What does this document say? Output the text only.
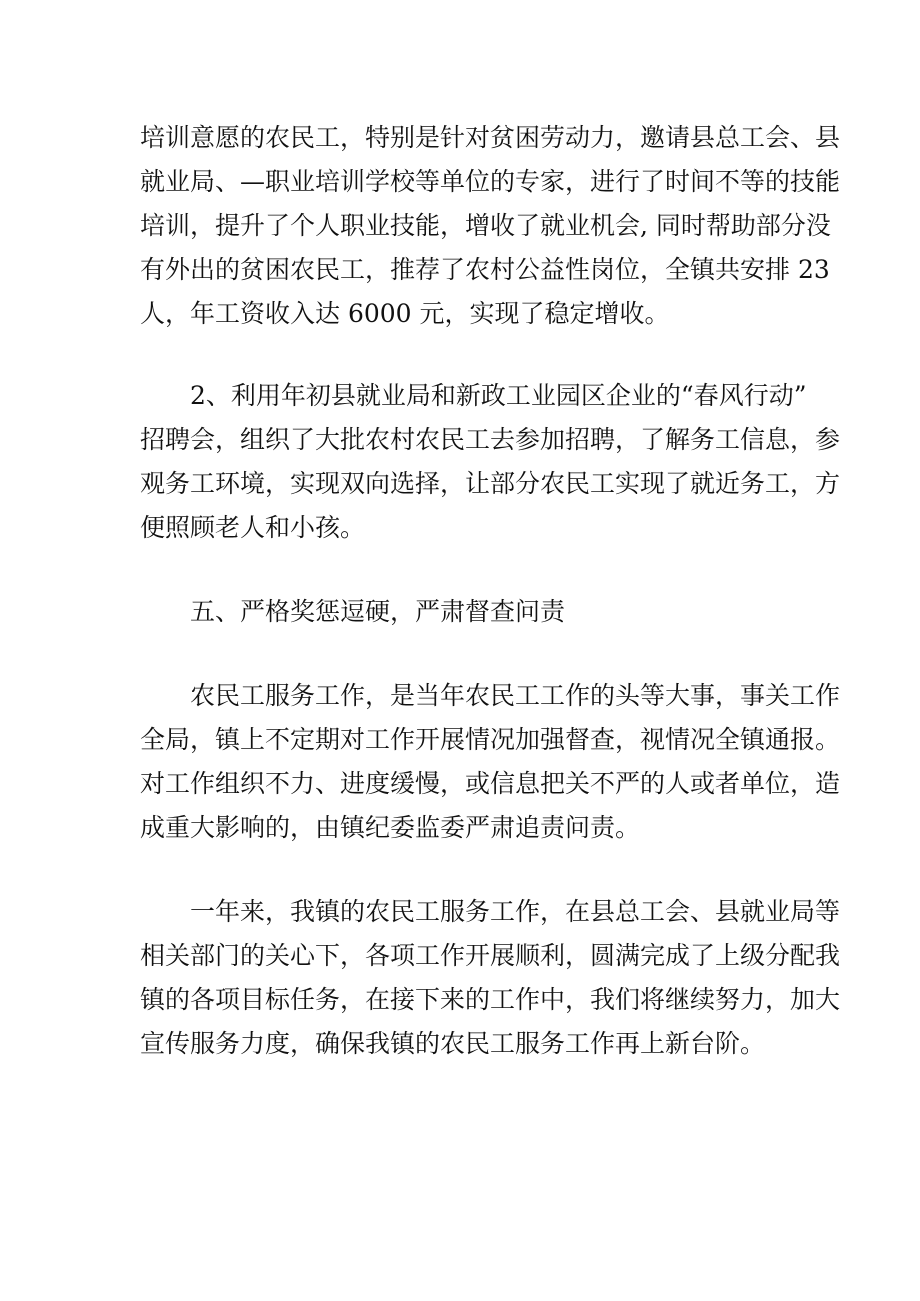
培训意愿的农民工，特别是针对贫困劳动力，邀请县总工会、县
就业局、—职业培训学校等单位的专家，进行了时间不等的技能
培训，提升了个人职业技能，增收了就业机会, 同时帮助部分没
有外出的贫困农民工，推荐了农村公益性岗位，全镇共安排 23
人，年工资收入达 6000 元，实现了稳定增收。
2、利用年初县就业局和新政工业园区企业的“春风行动”
招聘会，组织了大批农村农民工去参加招聘，了解务工信息，参
观务工环境，实现双向选择，让部分农民工实现了就近务工，方
便照顾老人和小孩。
五、严格奖惩逗硬，严肃督查问责
农民工服务工作，是当年农民工工作的头等大事，事关工作
全局，镇上不定期对工作开展情况加强督查，视情况全镇通报。
对工作组织不力、进度缓慢，或信息把关不严的人或者单位，造
成重大影响的，由镇纪委监委严肃追责问责。
一年来，我镇的农民工服务工作，在县总工会、县就业局等
相关部门的关心下，各项工作开展顺利，圆满完成了上级分配我
镇的各项目标任务，在接下来的工作中，我们将继续努力，加大
宣传服务力度，确保我镇的农民工服务工作再上新台阶。
